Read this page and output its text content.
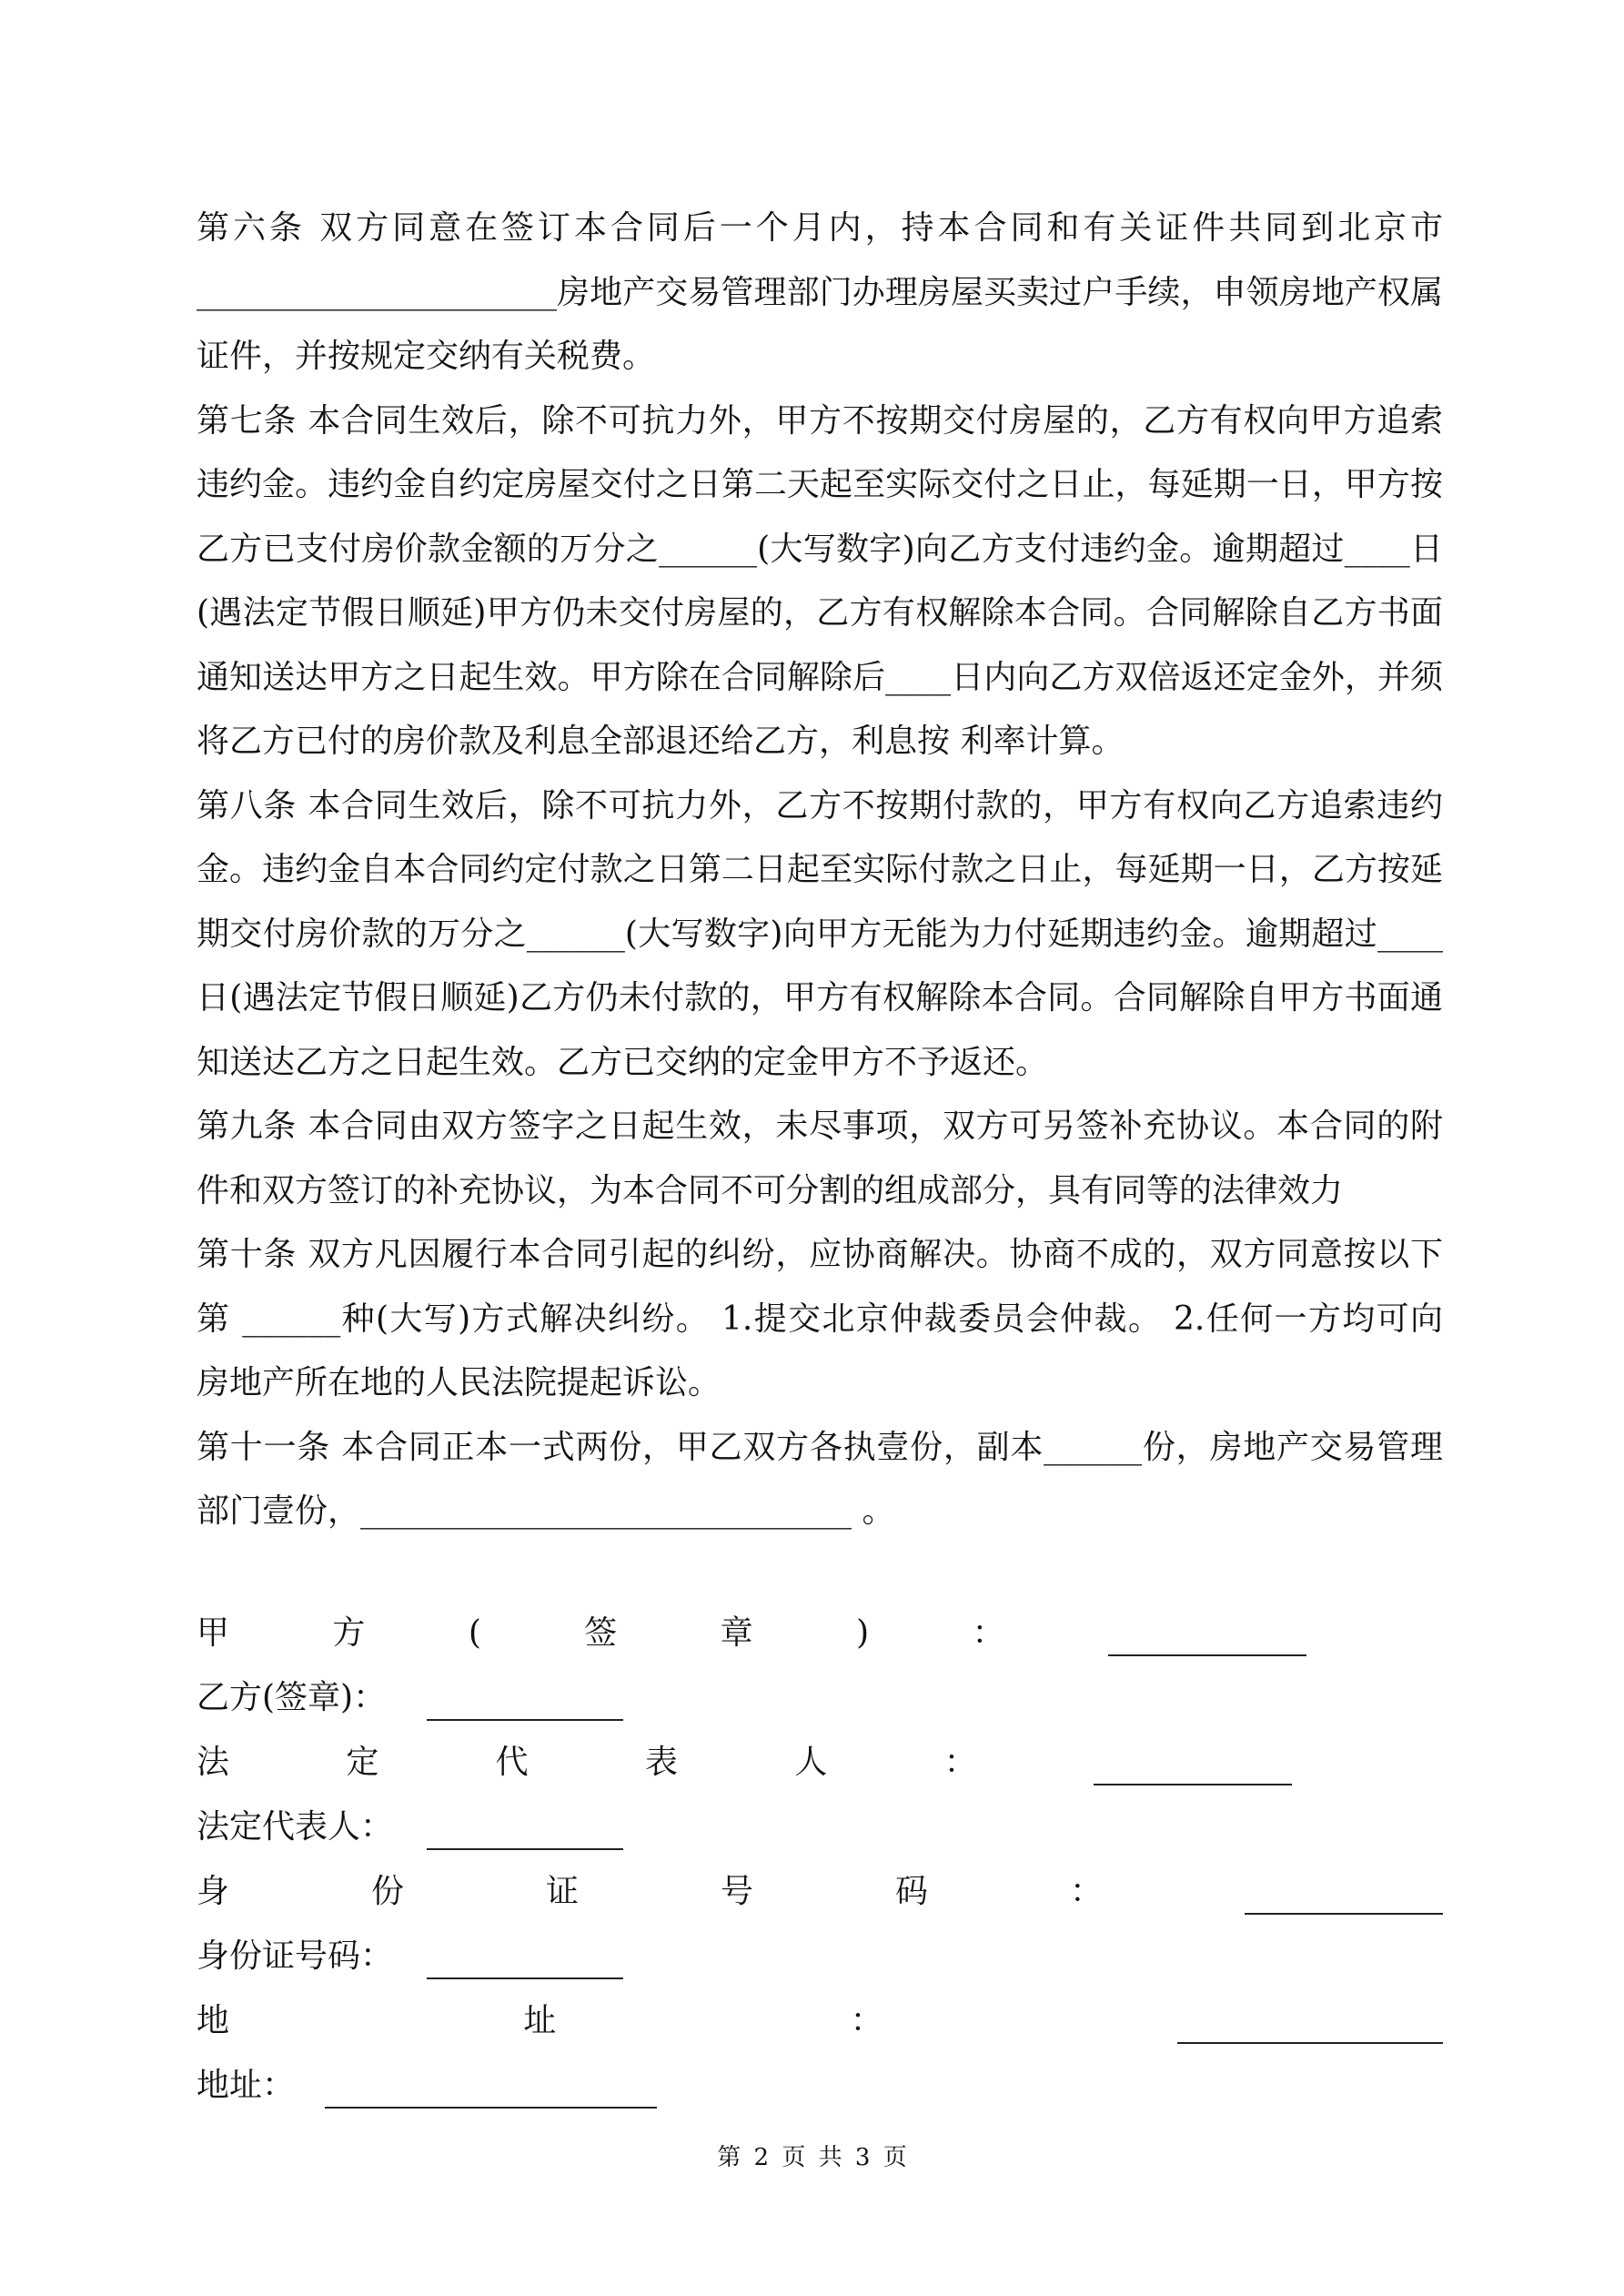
第六条 双方同意在签订本合同后一个月内，持本合同和有关证件共同到北京市
______________________房地产交易管理部门办理房屋买卖过户手续，申领房地产权属
证件，并按规定交纳有关税费。
第七条 本合同生效后，除不可抗力外，甲方不按期交付房屋的，乙方有权向甲方追索
违约金。违约金自约定房屋交付之日第二天起至实际交付之日止，每延期一日，甲方按
乙方已支付房价款金额的万分之______(大写数字)向乙方支付违约金。逾期超过____日
(遇法定节假日顺延)甲方仍未交付房屋的，乙方有权解除本合同。合同解除自乙方书面
通知送达甲方之日起生效。甲方除在合同解除后____日内向乙方双倍返还定金外，并须
将乙方已付的房价款及利息全部退还给乙方，利息按 利率计算。
第八条 本合同生效后，除不可抗力外，乙方不按期付款的，甲方有权向乙方追索违约
金。违约金自本合同约定付款之日第二日起至实际付款之日止，每延期一日，乙方按延
期交付房价款的万分之______(大写数字)向甲方无能为力付延期违约金。逾期超过____
日(遇法定节假日顺延)乙方仍未付款的，甲方有权解除本合同。合同解除自甲方书面通
知送达乙方之日起生效。乙方已交纳的定金甲方不予返还。
第九条 本合同由双方签字之日起生效，未尽事项，双方可另签补充协议。本合同的附
件和双方签订的补充协议，为本合同不可分割的组成部分，具有同等的法律效力
第十条 双方凡因履行本合同引起的纠纷，应协商解决。协商不成的，双方同意按以下
第 ______种(大写)方式解决纠纷。 1.提交北京仲裁委员会仲裁。 2.任何一方均可向
房地产所在地的人民法院提起诉讼。
第十一条 本合同正本一式两份，甲乙双方各执壹份，副本______份，房地产交易管理
部门壹份，______________________________ 。
甲	方	(	签	章	)	：
乙方(签章)：
法	定	代	表	人	：
法定代表人：
身	份	证	号	码	：
身份证号码：
地	址	：
地址：
第 2 页 共 3 页
